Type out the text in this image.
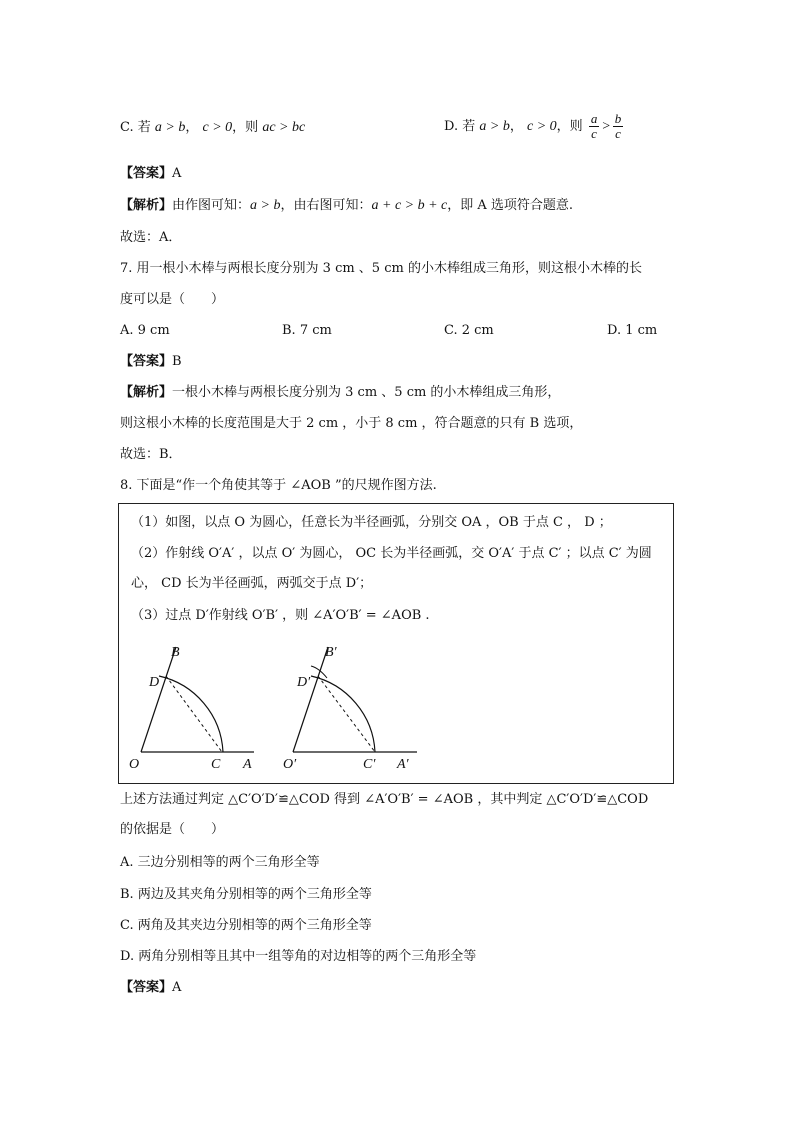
C. 若 a > b， c > 0，则 ac > bc	D. 若 a > b， c > 0，则 $\frac{a}{c} > \frac{b}{c}$
【答案】A
【解析】由作图可知：a > b，由右图可知：a + c > b + c，即 A 选项符合题意.
故选：A．
7. 用一根小木棒与两根长度分别为 3 cm 、5 cm 的小木棒组成三角形，则这根小木棒的长
度可以是（　　）
A. 9 cm	B. 7 cm	C. 2 cm	D. 1 cm
【答案】B
【解析】一根小木棒与两根长度分别为 3 cm 、5 cm 的小木棒组成三角形，
则这根小木棒的长度范围是大于 2 cm ，小于 8 cm ，符合题意的只有 B 选项，
故选：B．
8. 下面是“作一个角使其等于 ∠AOB ”的尺规作图方法.
（1）如图，以点 O 为圆心，任意长为半径画弧，分别交 OA ，OB 于点 C ， D ；
（2）作射线 O′A′ ，以点 O′ 为圆心， OC 长为半径画弧，交 O′A′ 于点 C′ ；以点 C′ 为圆
心， CD 长为半径画弧，两弧交于点 D′；
（3）过点 D′作射线 O′B′ ，则 ∠A′O′B′ = ∠AOB .
B
D
O	C A
B′
D′
O′	C′ A′
上述方法通过判定 △C′O′D′≌△COD 得到 ∠A′O′B′ = ∠AOB ，其中判定 △C′O′D′≌△COD
的依据是（　　）
A. 三边分别相等的两个三角形全等
B. 两边及其夹角分别相等的两个三角形全等
C. 两角及其夹边分别相等的两个三角形全等
D. 两角分别相等且其中一组等角的对边相等的两个三角形全等
【答案】A
